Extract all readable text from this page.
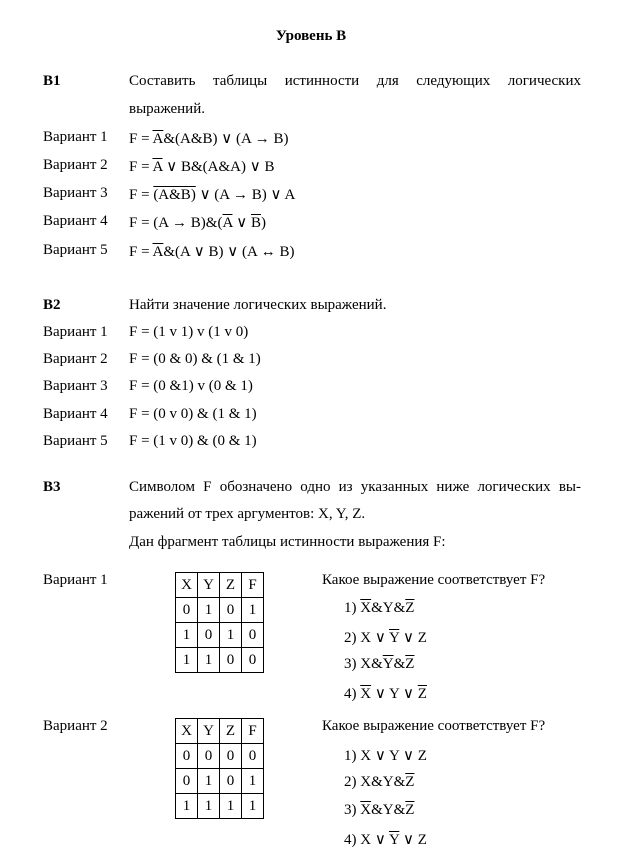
Уровень В
В1	Составить таблицы истинности для следующих логических
выражений.
Вариант 1 $F = \overline{A}\&(A\&B)$ ∨ (A → B)
Вариант 2 $F = \overline{A}$ ∨ B&(A&A) ∨ B
Вариант 3 F = (A&B) ∨ (A → B) ∨ A
Вариант 4 $F = (A \to B)\&(\overline{A}$ ∨ $\overline{B}$)
Вариант 5 $F = \overline{A}\&(A$ ∨ B) ∨ (A ↔ B)
В2	Найти значение логических выражений.
Вариант 1 F = (1 v 1) v (1 v 0)
Вариант 2 F = (0 & 0) & (1 & 1)
Вариант 3 F = (0 &1) v (0 & 1)
Вариант 4 F = (0 v 0) & (1 & 1)
Вариант 5 F = (1 v 0) & (0 & 1)
В3	Символом F обозначено одно из указанных ниже логических вы-
ражений от трех аргументов: X, Y, Z.
Дан фрагмент таблицы истинности выражения F:
Вариант 1	X	Y	Z	F
0	1	0	1
1	0	1	0
1	1	0	0
Какое выражение соответствует F?
1) $\overline{X}\&Y\&\overline{Z}$
2) X ∨ $\overline{Y}$ ∨ Z
3) $X\&\overline{Y}\&\overline{Z}$
4) $\overline{X}$ ∨ Y ∨ $\overline{Z}$
Вариант 2	X	Y	Z	F
0	0	0	0
0	1	0	1
1	1	1	1
Какое выражение соответствует F?
1) X ∨ Y ∨ Z
2) $X\&Y\&\overline{Z}$
3) $\overline{X}\&Y\&\overline{Z}$
4) X ∨ $\overline{Y}$ ∨ Z
